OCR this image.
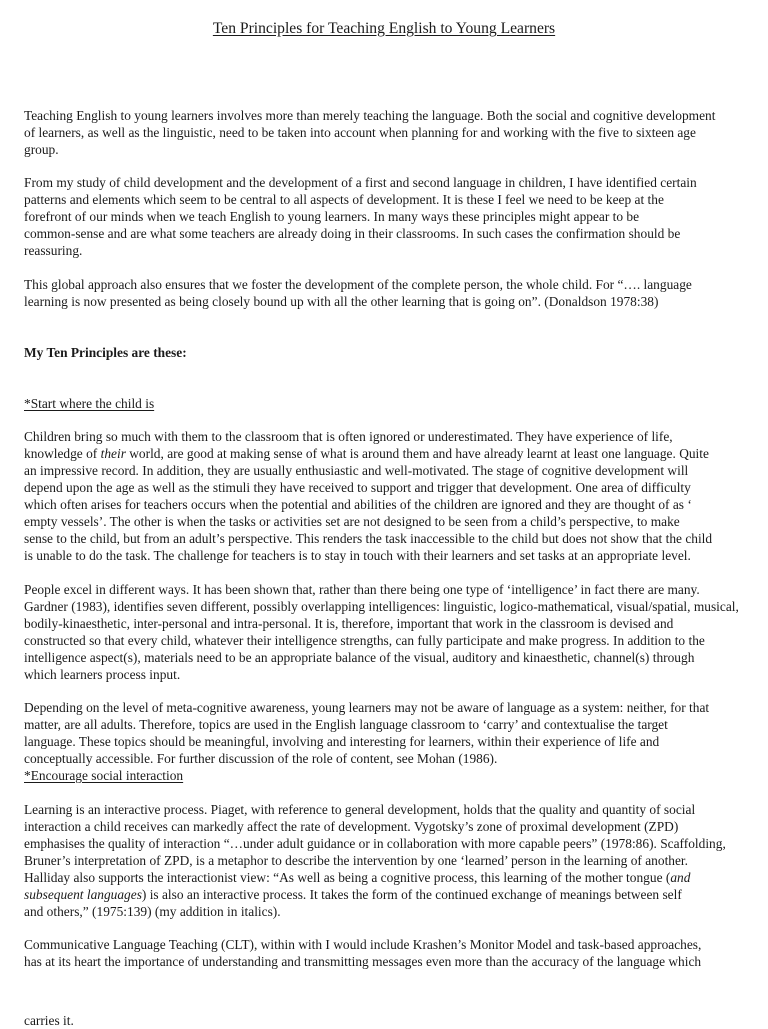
Ten Principles for Teaching English to Young Learners
Teaching English to young learners involves more than merely teaching the language. Both the social and cognitive development
of learners, as well as the linguistic, need to be taken into account when planning for and working with the five to sixteen age
group.
From my study of child development and the development of a first and second language in children, I have identified certain
patterns and elements which seem to be central to all aspects of development. It is these I feel we need to be keep at the
forefront of our minds when we teach English to young learners. In many ways these principles might appear to be
common-sense and are what some teachers are already doing in their classrooms. In such cases the confirmation should be
reassuring.
This global approach also ensures that we foster the development of the complete person, the whole child. For “…. language
learning is now presented as being closely bound up with all the other learning that is going on”. (Donaldson 1978:38)
My Ten Principles are these:
*Start where the child is
Children bring so much with them to the classroom that is often ignored or underestimated. They have experience of life,
knowledge of their world, are good at making sense of what is around them and have already learnt at least one language. Quite
an impressive record. In addition, they are usually enthusiastic and well-motivated. The stage of cognitive development will
depend upon the age as well as the stimuli they have received to support and trigger that development. One area of difficulty
which often arises for teachers occurs when the potential and abilities of the children are ignored and they are thought of as ‘
empty vessels’. The other is when the tasks or activities set are not designed to be seen from a child’s perspective, to make
sense to the child, but from an adult’s perspective. This renders the task inaccessible to the child but does not show that the child
is unable to do the task. The challenge for teachers is to stay in touch with their learners and set tasks at an appropriate level.
People excel in different ways. It has been shown that, rather than there being one type of ‘intelligence’ in fact there are many.
Gardner (1983), identifies seven different, possibly overlapping intelligences: linguistic, logico-mathematical, visual/spatial, musical,
bodily-kinaesthetic, inter-personal and intra-personal. It is, therefore, important that work in the classroom is devised and
constructed so that every child, whatever their intelligence strengths, can fully participate and make progress. In addition to the
intelligence aspect(s), materials need to be an appropriate balance of the visual, auditory and kinaesthetic, channel(s) through
which learners process input.
Depending on the level of meta-cognitive awareness, young learners may not be aware of language as a system: neither, for that
matter, are all adults. Therefore, topics are used in the English language classroom to ‘carry’ and contextualise the target
language. These topics should be meaningful, involving and interesting for learners, within their experience of life and
conceptually accessible. For further discussion of the role of content, see Mohan (1986).
*Encourage social interaction
Learning is an interactive process. Piaget, with reference to general development, holds that the quality and quantity of social
interaction a child receives can markedly affect the rate of development. Vygotsky’s zone of proximal development (ZPD)
emphasises the quality of interaction “…under adult guidance or in collaboration with more capable peers” (1978:86). Scaffolding,
Bruner’s interpretation of ZPD, is a metaphor to describe the intervention by one ‘learned’ person in the learning of another.
Halliday also supports the interactionist view: “As well as being a cognitive process, this learning of the mother tongue (and
subsequent languages) is also an interactive process. It takes the form of the continued exchange of meanings between self
and others,” (1975:139) (my addition in italics).
Communicative Language Teaching (CLT), within with I would include Krashen’s Monitor Model and task-based approaches,
has at its heart the importance of understanding and transmitting messages even more than the accuracy of the language which
carries it.
